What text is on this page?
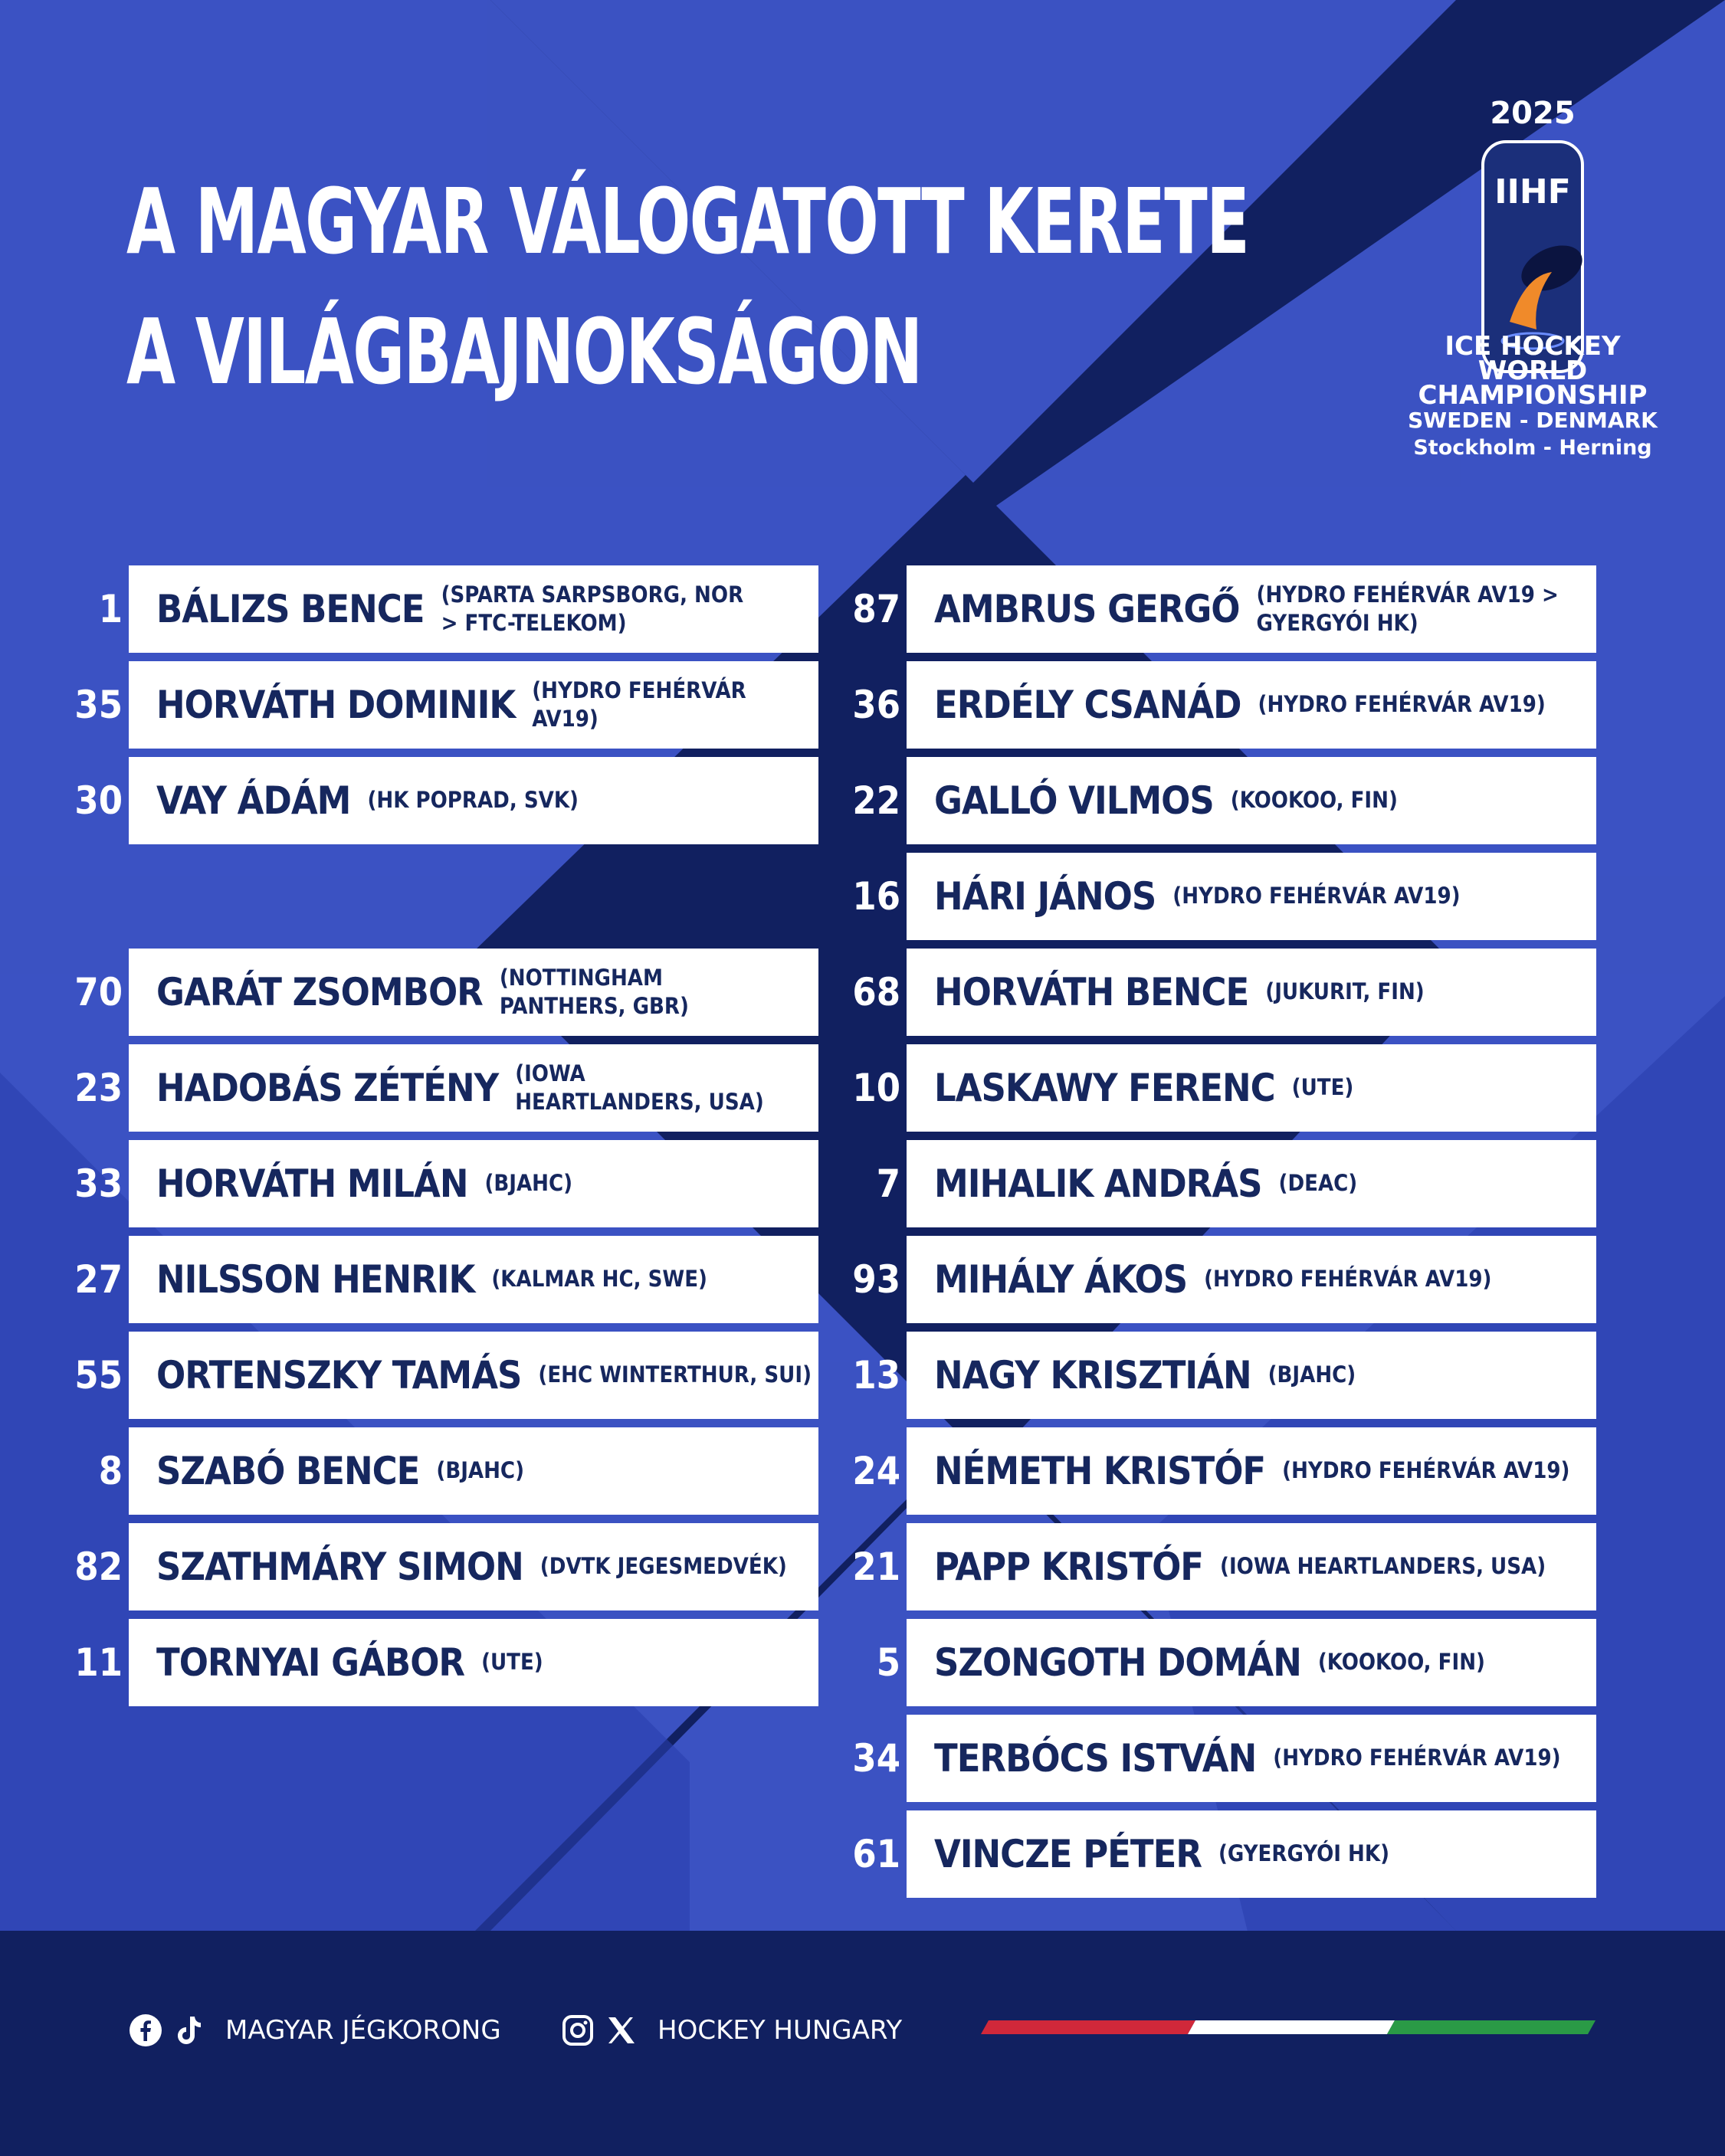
A MAGYAR VÁLOGATOTT KERETE
A VILÁGBAJNOKSÁGON
2025
IIHF
ICE HOCKEY
WORLD
CHAMPIONSHIP
SWEDEN - DENMARK
Stockholm - Herning
1 BÁLIZS BENCE (SPARTA SARPSBORG, NOR > FTC-TELEKOM)
35 HORVÁTH DOMINIK (HYDRO FEHÉRVÁR AV19)
30 VAY ÁDÁM (HK POPRAD, SVK)
70 GARÁT ZSOMBOR (NOTTINGHAM PANTHERS, GBR)
23 HADOBÁS ZÉTÉNY (IOWA HEARTLANDERS, USA)
33 HORVÁTH MILÁN (BJAHC)
27 NILSSON HENRIK (KALMAR HC, SWE)
55 ORTENSZKY TAMÁS (EHC WINTERTHUR, SUI)
8 SZABÓ BENCE (BJAHC)
82 SZATHMÁRY SIMON (DVTK JEGESMEDVÉK)
11 TORNYAI GÁBOR (UTE)
87 AMBRUS GERGŐ (HYDRO FEHÉRVÁR AV19 > GYERGYÓI HK)
36 ERDÉLY CSANÁD (HYDRO FEHÉRVÁR AV19)
22 GALLÓ VILMOS (KOOKOO, FIN)
16 HÁRI JÁNOS (HYDRO FEHÉRVÁR AV19)
68 HORVÁTH BENCE (JUKURIT, FIN)
10 LASKAWY FERENC (UTE)
7 MIHALIK ANDRÁS (DEAC)
93 MIHÁLY ÁKOS (HYDRO FEHÉRVÁR AV19)
13 NAGY KRISZTIÁN (BJAHC)
24 NÉMETH KRISTÓF (HYDRO FEHÉRVÁR AV19)
21 PAPP KRISTÓF (IOWA HEARTLANDERS, USA)
5 SZONGOTH DOMÁN (KOOKOO, FIN)
34 TERBÓCS ISTVÁN (HYDRO FEHÉRVÁR AV19)
61 VINCZE PÉTER (GYERGYÓI HK)
MAGYAR JÉGKORONG	HOCKEY HUNGARY
